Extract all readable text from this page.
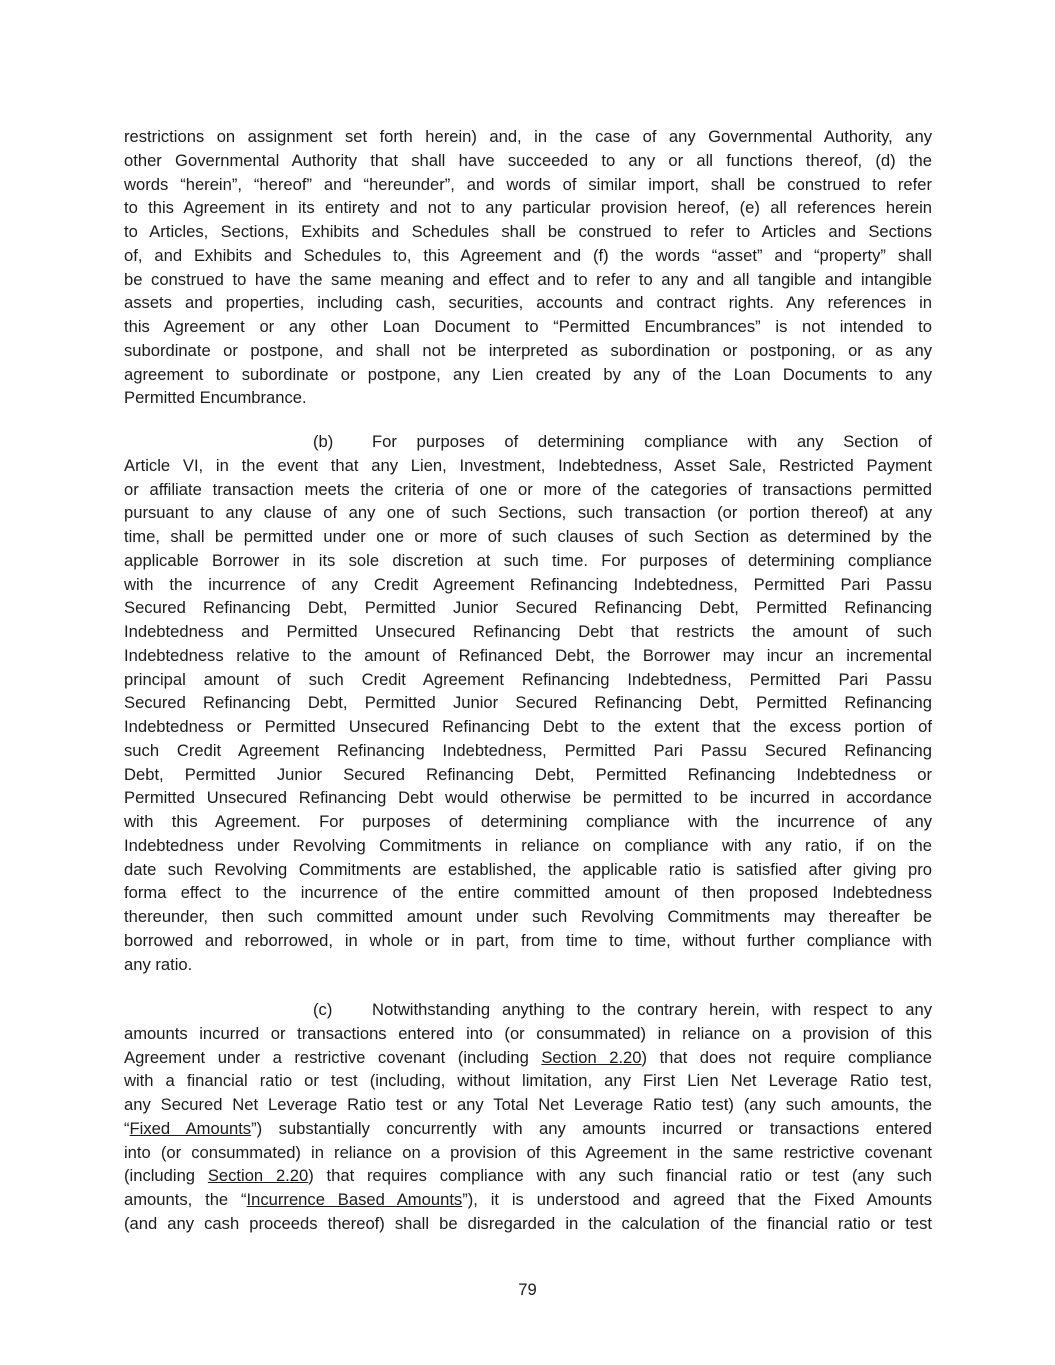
restrictions on assignment set forth herein) and, in the case of any Governmental Authority, any
other Governmental Authority that shall have succeeded to any or all functions thereof, (d) the
words “herein”, “hereof” and “hereunder”, and words of similar import, shall be construed to refer
to this Agreement in its entirety and not to any particular provision hereof, (e) all references herein
to Articles, Sections, Exhibits and Schedules shall be construed to refer to Articles and Sections
of, and Exhibits and Schedules to, this Agreement and (f) the words “asset” and “property” shall
be construed to have the same meaning and effect and to refer to any and all tangible and intangible
assets and properties, including cash, securities, accounts and contract rights. Any references in
this Agreement or any other Loan Document to “Permitted Encumbrances” is not intended to
subordinate or postpone, and shall not be interpreted as subordination or postponing, or as any
agreement to subordinate or postpone, any Lien created by any of the Loan Documents to any
Permitted Encumbrance.
(b)	For purposes of determining compliance with any Section of
Article VI, in the event that any Lien, Investment, Indebtedness, Asset Sale, Restricted Payment
or affiliate transaction meets the criteria of one or more of the categories of transactions permitted
pursuant to any clause of any one of such Sections, such transaction (or portion thereof) at any
time, shall be permitted under one or more of such clauses of such Section as determined by the
applicable Borrower in its sole discretion at such time. For purposes of determining compliance
with the incurrence of any Credit Agreement Refinancing Indebtedness, Permitted Pari Passu
Secured Refinancing Debt, Permitted Junior Secured Refinancing Debt, Permitted Refinancing
Indebtedness and Permitted Unsecured Refinancing Debt that restricts the amount of such
Indebtedness relative to the amount of Refinanced Debt, the Borrower may incur an incremental
principal amount of such Credit Agreement Refinancing Indebtedness, Permitted Pari Passu
Secured Refinancing Debt, Permitted Junior Secured Refinancing Debt, Permitted Refinancing
Indebtedness or Permitted Unsecured Refinancing Debt to the extent that the excess portion of
such Credit Agreement Refinancing Indebtedness, Permitted Pari Passu Secured Refinancing
Debt, Permitted Junior Secured Refinancing Debt, Permitted Refinancing Indebtedness or
Permitted Unsecured Refinancing Debt would otherwise be permitted to be incurred in accordance
with this Agreement. For purposes of determining compliance with the incurrence of any
Indebtedness under Revolving Commitments in reliance on compliance with any ratio, if on the
date such Revolving Commitments are established, the applicable ratio is satisfied after giving pro
forma effect to the incurrence of the entire committed amount of then proposed Indebtedness
thereunder, then such committed amount under such Revolving Commitments may thereafter be
borrowed and reborrowed, in whole or in part, from time to time, without further compliance with
any ratio.
(c)	Notwithstanding anything to the contrary herein, with respect to any
amounts incurred or transactions entered into (or consummated) in reliance on a provision of this
Agreement under a restrictive covenant (including Section 2.20) that does not require compliance
with a financial ratio or test (including, without limitation, any First Lien Net Leverage Ratio test,
any Secured Net Leverage Ratio test or any Total Net Leverage Ratio test) (any such amounts, the
“Fixed Amounts”) substantially concurrently with any amounts incurred or transactions entered
into (or consummated) in reliance on a provision of this Agreement in the same restrictive covenant
(including Section 2.20) that requires compliance with any such financial ratio or test (any such
amounts, the “Incurrence Based Amounts”), it is understood and agreed that the Fixed Amounts
(and any cash proceeds thereof) shall be disregarded in the calculation of the financial ratio or test
79
